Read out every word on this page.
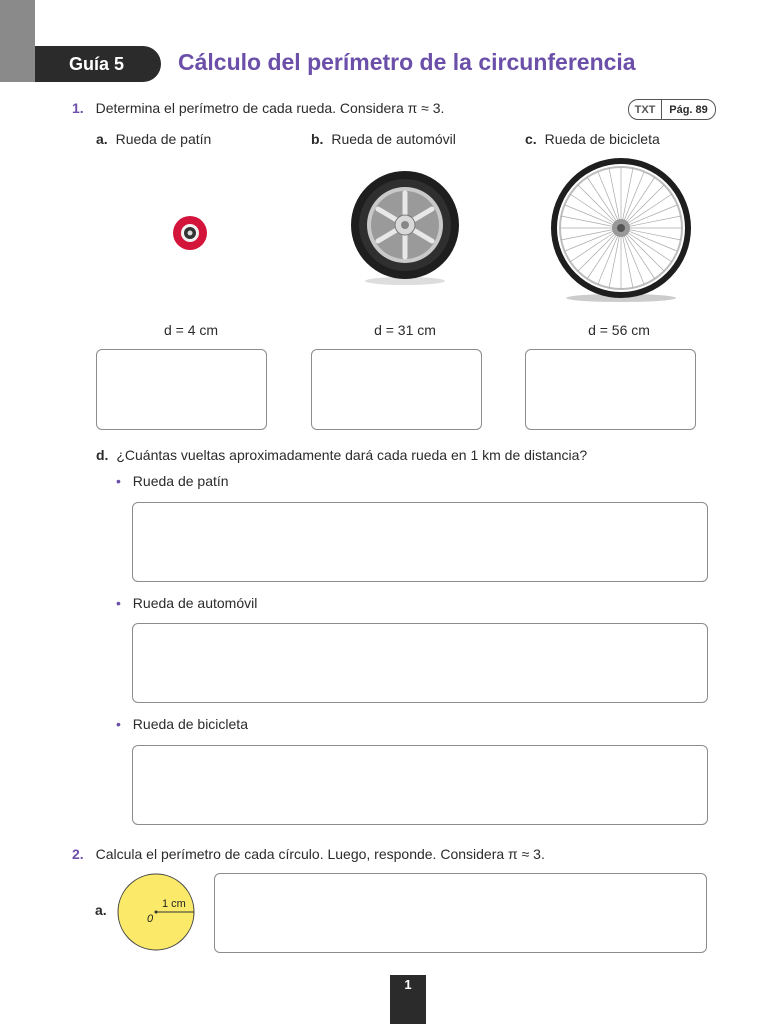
Guía 5	Cálculo del perímetro de la circunferencia
1. Determina el perímetro de cada rueda. Considera π ≈ 3.	TXT	Pág. 89
a. Rueda de patín	b. Rueda de automóvil	c. Rueda de bicicleta
d = 4 cm	d = 31 cm	d = 56 cm
d. ¿Cuántas vueltas aproximadamente dará cada rueda en 1 km de distancia?
• Rueda de patín
• Rueda de automóvil
• Rueda de bicicleta
2. Calcula el perímetro de cada círculo. Luego, responde. Considera π ≈ 3.
a.	1 cm
0
1
